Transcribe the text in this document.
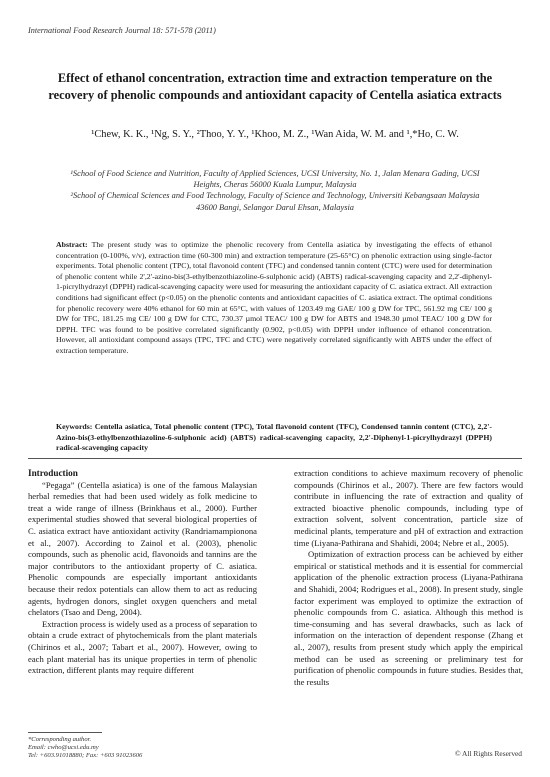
International Food Research Journal 18: 571-578 (2011)
Effect of ethanol concentration, extraction time and extraction temperature on the recovery of phenolic compounds and antioxidant capacity of Centella asiatica extracts
¹Chew, K. K., ¹Ng, S. Y., ²Thoo, Y. Y., ¹Khoo, M. Z., ¹Wan Aida, W. M. and ¹,*Ho, C. W.
¹School of Food Science and Nutrition, Faculty of Applied Sciences, UCSI University, No. 1, Jalan Menara Gading, UCSI Heights, Cheras 56000 Kuala Lumpur, Malaysia
²School of Chemical Sciences and Food Technology, Faculty of Science and Technology, Universiti Kebangsaan Malaysia 43600 Bangi, Selangor Darul Ehsan, Malaysia
Abstract: The present study was to optimize the phenolic recovery from Centella asiatica by investigating the effects of ethanol concentration (0-100%, v/v), extraction time (60-300 min) and extraction temperature (25-65°C) on phenolic extraction using single-factor experiments. Total phenolic content (TPC), total flavonoid content (TFC) and condensed tannin content (CTC) were used for determination of phenolic content while 2',2'-azino-bis(3-ethylbenzothiazoline-6-sulphonic acid) (ABTS) radical-scavenging capacity and 2,2'-diphenyl-1-picrylhydrazyl (DPPH) radical-scavenging capacity were used for measuring the antioxidant capacity of C. asiatica extract. All extraction conditions had significant effect (p<0.05) on the phenolic contents and antioxidant capacities of C. asiatica extract. The optimal conditions for phenolic recovery were 40% ethanol for 60 min at 65°C, with values of 1203.49 mg GAE/ 100 g DW for TPC, 561.92 mg CE/ 100 g DW for TFC, 181.25 mg CE/ 100 g DW for CTC, 730.37 µmol TEAC/ 100 g DW for ABTS and 1948.30 µmol TEAC/ 100 g DW for DPPH. TFC was found to be positive correlated significantly (0.902, p<0.05) with DPPH under influence of ethanol concentration. However, all antioxidant compound assays (TPC, TFC and CTC) were negatively correlated significantly with ABTS under the effect of extraction temperature.
Keywords: Centella asiatica, Total phenolic content (TPC), Total flavonoid content (TFC), Condensed tannin content (CTC), 2,2'-Azino-bis(3-ethylbenzothiazoline-6-sulphonic acid) (ABTS) radical-scavenging capacity, 2,2'-Diphenyl-1-picrylhydrazyl (DPPH) radical-scavenging capacity

Introduction

“Pegaga” (Centella asiatica) is one of the famous Malaysian herbal remedies that had been used widely as folk medicine to treat a wide range of illness (Brinkhaus et al., 2000). Further experimental studies showed that several biological properties of C. asiatica extract have antioxidant activity (Randriamampionona et al., 2007). According to Zainol et al. (2003), phenolic compounds, such as phenolic acid, flavonoids and tannins are the major contributors to the antioxidant property of C. asiatica. Phenolic compounds are especially important antioxidants because their redox potentials can allow them to act as reducing agents, hydrogen donors, singlet oxygen quenchers and metal chelators (Tsao and Deng, 2004).

Extraction process is widely used as a process of separation to obtain a crude extract of phytochemicals from the plant materials (Chirinos et al., 2007; Tabart et al., 2007). However, owing to each plant material has its unique properties in term of phenolic extraction, different plants may require different

extraction conditions to achieve maximum recovery of phenolic compounds (Chirinos et al., 2007). There are few factors would contribute in influencing the rate of extraction and quality of extracted bioactive phenolic compounds, including type of extraction solvent, solvent concentration, particle size of medicinal plants, temperature and pH of extraction and extraction time (Liyana-Pathirana and Shahidi, 2004; Nebre et al., 2005).

Optimization of extraction process can be achieved by either empirical or statistical methods and it is essential for commercial application of the phenolic extraction process (Liyana-Pathirana and Shahidi, 2004; Rodrigues et al., 2008). In present study, single factor experiment was employed to optimize the extraction of phenolic compounds from C. asiatica. Although this method is time-consuming and has several drawbacks, such as lack of information on the interaction of dependent response (Zhang et al., 2007), results from present study which apply the empirical method can be used as screening or preliminary test for purification of phenolic compounds in future studies. Besides that, the results

*Corresponding author.
Email: cwho@ucsi.edu.my
Tel: +603.91018880; Fax: +603 91023606	© All Rights Reserved
